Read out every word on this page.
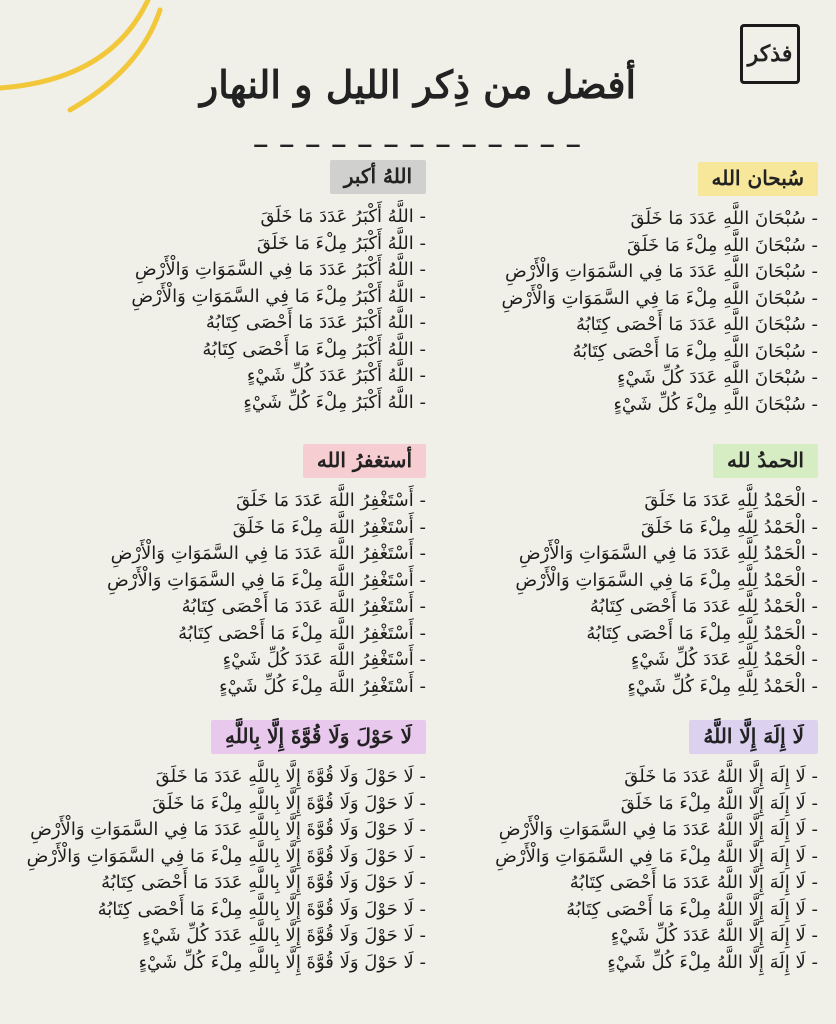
فذكر
أفضل من ذِكر الليل و النهار
_ _ _ _ _ _ _ _ _ _ _ _ _
سُبحان الله
- سُبْحَانَ اللَّهِ عَدَدَ مَا خَلَقَ
- سُبْحَانَ اللَّهِ مِلْءَ مَا خَلَقَ
- سُبْحَانَ اللَّهِ عَدَدَ مَا فِي السَّمَوَاتِ وَالْأَرْضِ
- سُبْحَانَ اللَّهِ مِلْءَ مَا فِي السَّمَوَاتِ وَالْأَرْضِ
- سُبْحَانَ اللَّهِ عَدَدَ مَا أَحْصَى كِتَابُهُ
- سُبْحَانَ اللَّهِ مِلْءَ مَا أَحْصَى كِتَابُهُ
- سُبْحَانَ اللَّهِ عَدَدَ كُلِّ شَيْءٍ
- سُبْحَانَ اللَّهِ مِلْءَ كُلِّ شَيْءٍ
الحمدُ لله
- الْحَمْدُ لِلَّهِ عَدَدَ مَا خَلَقَ
- الْحَمْدُ لِلَّهِ مِلْءَ مَا خَلَقَ
- الْحَمْدُ لِلَّهِ عَدَدَ مَا فِي السَّمَوَاتِ وَالْأَرْضِ
- الْحَمْدُ لِلَّهِ مِلْءَ مَا فِي السَّمَوَاتِ وَالْأَرْضِ
- الْحَمْدُ لِلَّهِ عَدَدَ مَا أَحْصَى كِتَابُهُ
- الْحَمْدُ لِلَّهِ مِلْءَ مَا أَحْصَى كِتَابُهُ
- الْحَمْدُ لِلَّهِ عَدَدَ كُلِّ شَيْءٍ
- الْحَمْدُ لِلَّهِ مِلْءَ كُلِّ شَيْءٍ
لَا إِلَهَ إِلَّا اللَّهُ
- لَا إِلَهَ إِلَّا اللَّهُ عَدَدَ مَا خَلَقَ
- لَا إِلَهَ إِلَّا اللَّهُ مِلْءَ مَا خَلَقَ
- لَا إِلَهَ إِلَّا اللَّهُ عَدَدَ مَا فِي السَّمَوَاتِ وَالْأَرْضِ
- لَا إِلَهَ إِلَّا اللَّهُ مِلْءَ مَا فِي السَّمَوَاتِ وَالْأَرْضِ
- لَا إِلَهَ إِلَّا اللَّهُ عَدَدَ مَا أَحْصَى كِتَابُهُ
- لَا إِلَهَ إِلَّا اللَّهُ مِلْءَ مَا أَحْصَى كِتَابُهُ
- لَا إِلَهَ إِلَّا اللَّهُ عَدَدَ كُلِّ شَيْءٍ
- لَا إِلَهَ إِلَّا اللَّهُ مِلْءَ كُلِّ شَيْءٍ
اللهُ أكبر
- اللَّهُ أَكْبَرُ عَدَدَ مَا خَلَقَ
- اللَّهُ أَكْبَرُ مِلْءَ مَا خَلَقَ
- اللَّهُ أَكْبَرُ عَدَدَ مَا فِي السَّمَوَاتِ وَالْأَرْضِ
- اللَّهُ أَكْبَرُ مِلْءَ مَا فِي السَّمَوَاتِ وَالْأَرْضِ
- اللَّهُ أَكْبَرُ عَدَدَ مَا أَحْصَى كِتَابُهُ
- اللَّهُ أَكْبَرُ مِلْءَ مَا أَحْصَى كِتَابُهُ
- اللَّهُ أَكْبَرُ عَدَدَ كُلِّ شَيْءٍ
- اللَّهُ أَكْبَرُ مِلْءَ كُلِّ شَيْءٍ
أستغفرُ الله
- أَسْتَغْفِرُ اللَّهَ عَدَدَ مَا خَلَقَ
- أَسْتَغْفِرُ اللَّهَ مِلْءَ مَا خَلَقَ
- أَسْتَغْفِرُ اللَّهَ عَدَدَ مَا فِي السَّمَوَاتِ وَالْأَرْضِ
- أَسْتَغْفِرُ اللَّهَ مِلْءَ مَا فِي السَّمَوَاتِ وَالْأَرْضِ
- أَسْتَغْفِرُ اللَّهَ عَدَدَ مَا أَحْصَى كِتَابُهُ
- أَسْتَغْفِرُ اللَّهَ مِلْءَ مَا أَحْصَى كِتَابُهُ
- أَسْتَغْفِرُ اللَّهَ عَدَدَ كُلِّ شَيْءٍ
- أَسْتَغْفِرُ اللَّهَ مِلْءَ كُلِّ شَيْءٍ
لَا حَوْلَ وَلَا قُوَّةَ إِلَّا بِاللَّهِ
- لَا حَوْلَ وَلَا قُوَّةَ إِلَّا بِاللَّهِ عَدَدَ مَا خَلَقَ
- لَا حَوْلَ وَلَا قُوَّةَ إِلَّا بِاللَّهِ مِلْءَ مَا خَلَقَ
- لَا حَوْلَ وَلَا قُوَّةَ إِلَّا بِاللَّهِ عَدَدَ مَا فِي السَّمَوَاتِ وَالْأَرْضِ
- لَا حَوْلَ وَلَا قُوَّةَ إِلَّا بِاللَّهِ مِلْءَ مَا فِي السَّمَوَاتِ وَالْأَرْضِ
- لَا حَوْلَ وَلَا قُوَّةَ إِلَّا بِاللَّهِ عَدَدَ مَا أَحْصَى كِتَابُهُ
- لَا حَوْلَ وَلَا قُوَّةَ إِلَّا بِاللَّهِ مِلْءَ مَا أَحْصَى كِتَابُهُ
- لَا حَوْلَ وَلَا قُوَّةَ إِلَّا بِاللَّهِ عَدَدَ كُلِّ شَيْءٍ
- لَا حَوْلَ وَلَا قُوَّةَ إِلَّا بِاللَّهِ مِلْءَ كُلِّ شَيْءٍ
